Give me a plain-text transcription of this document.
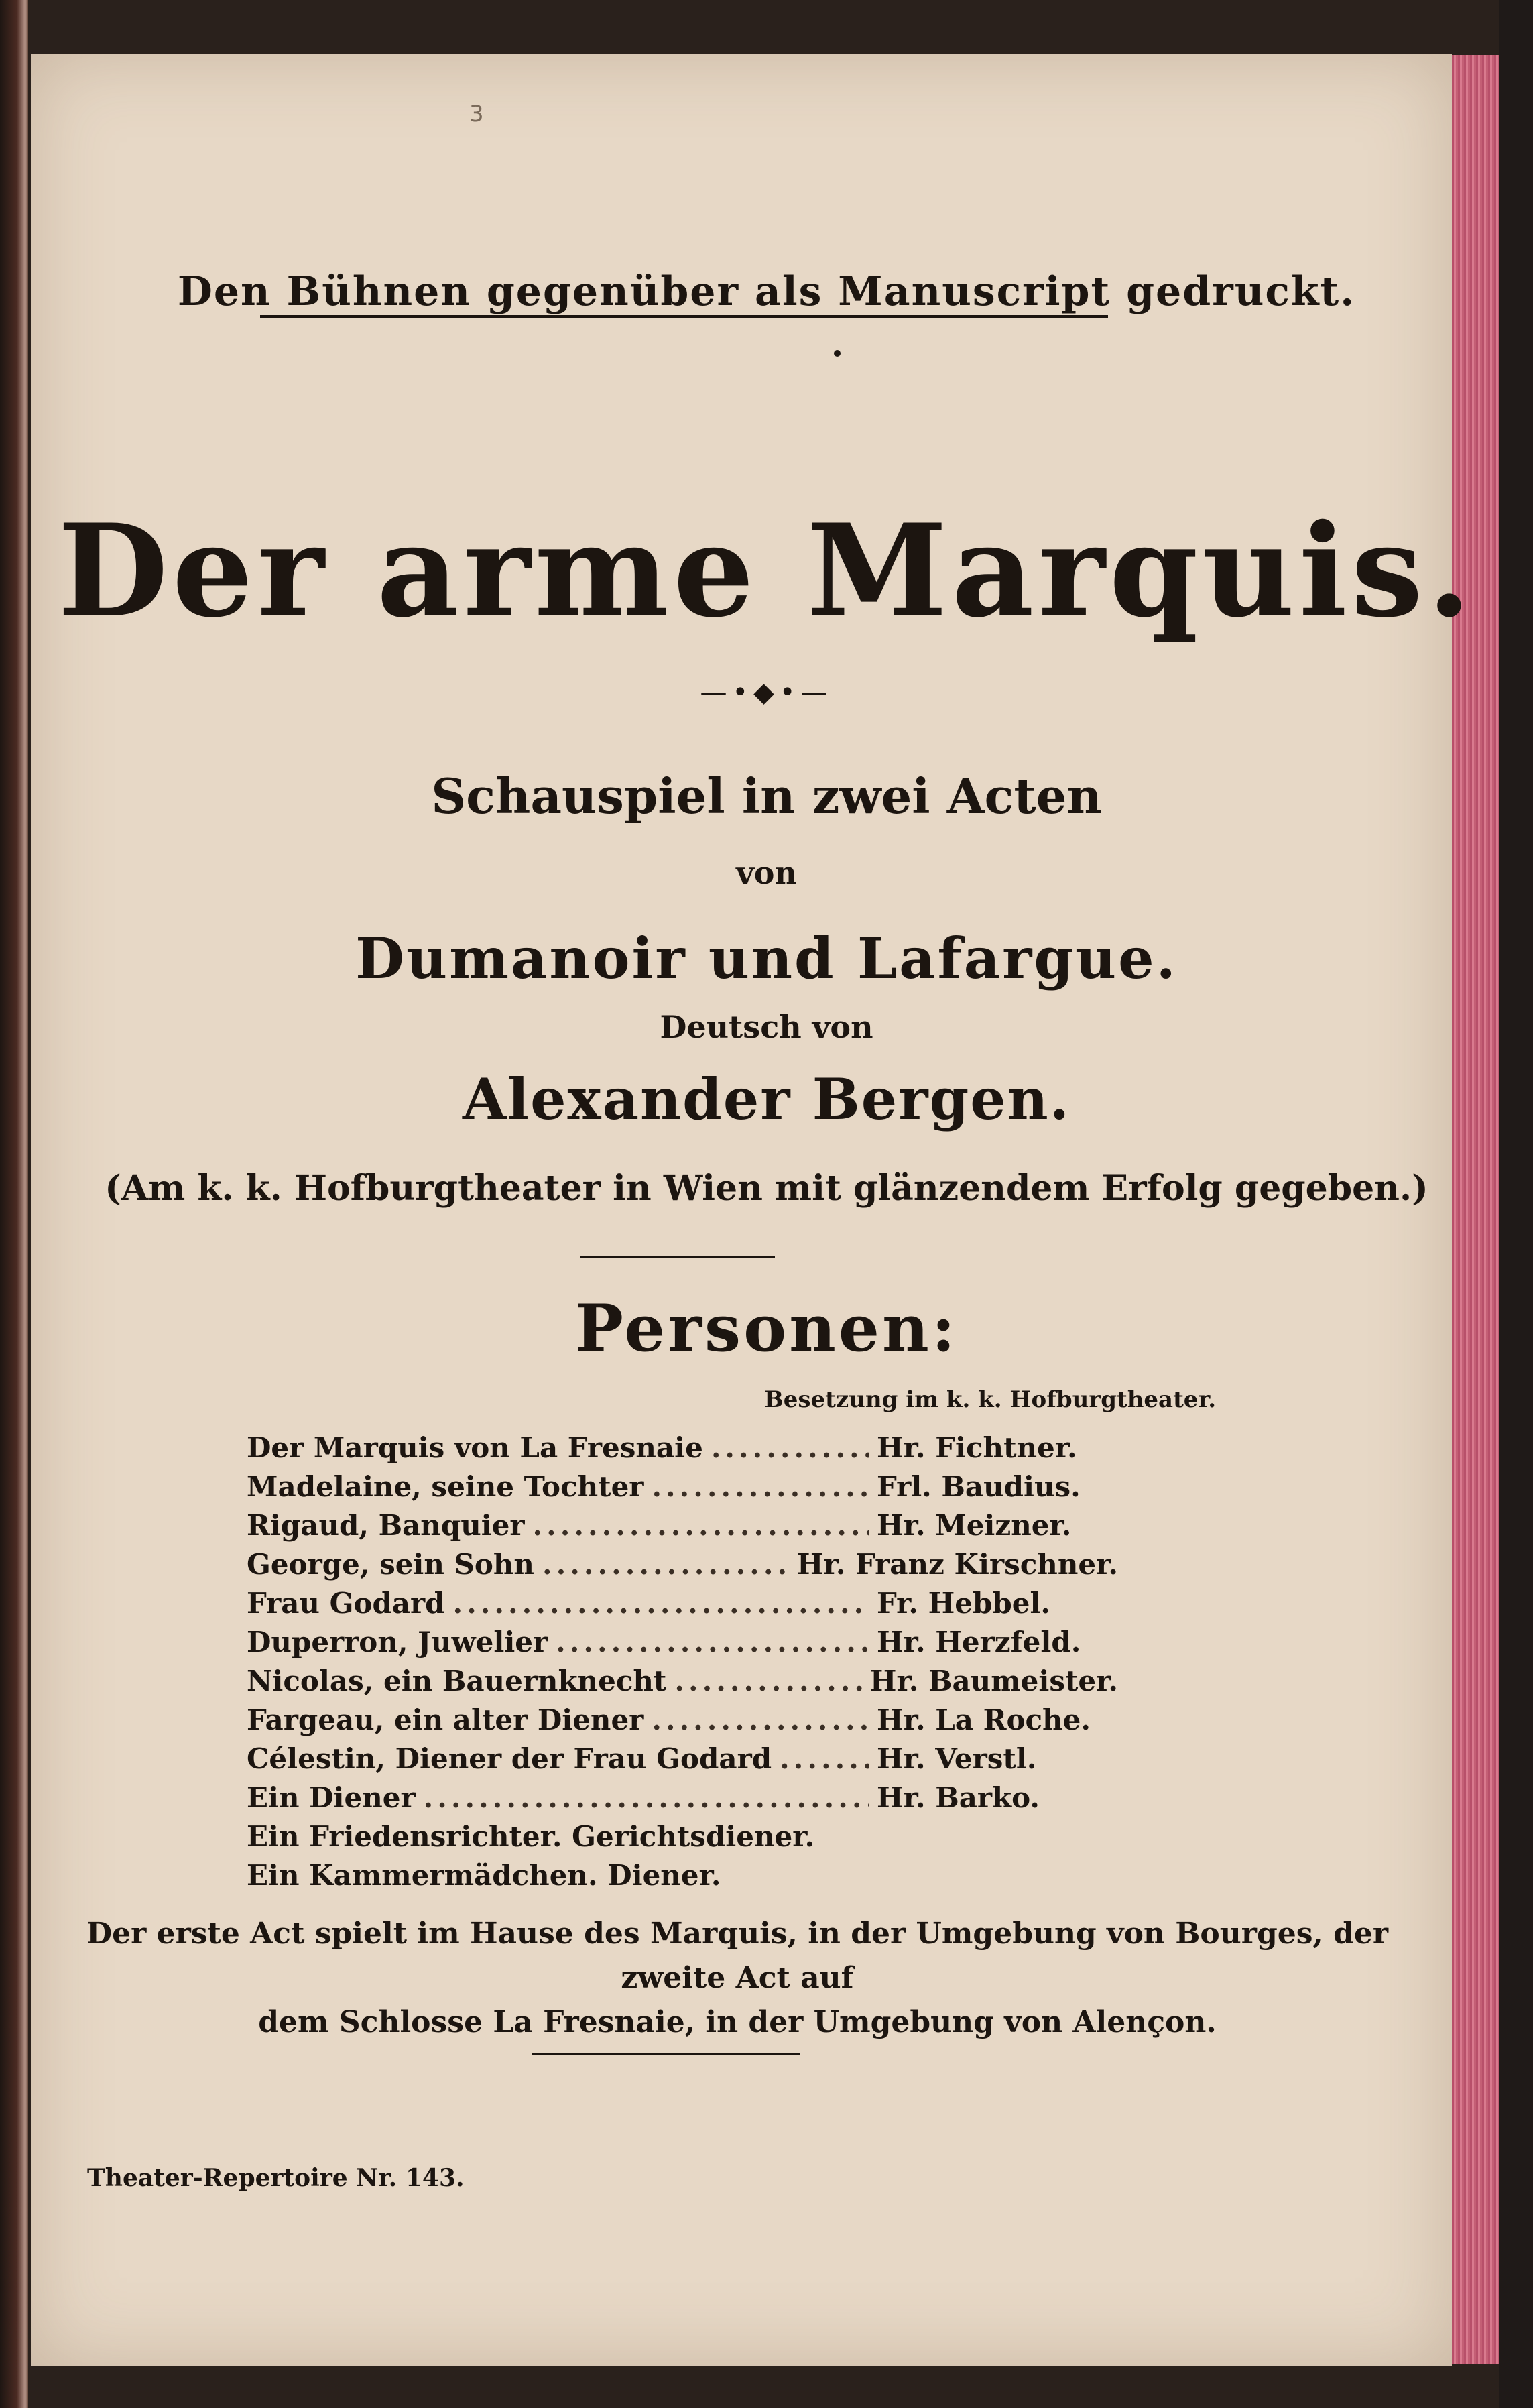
3
Den Bühnen gegenüber als Manuscript gedruckt.
Der arme Marquis.
—•◆•—
Schauspiel in zwei Acten
von
Dumanoir und Lafargue.
Deutsch von
Alexander Bergen.
(Am k. k. Hofburgtheater in Wien mit glänzendem Erfolg gegeben.)
Personen:
Besetzung im k. k. Hofburgtheater.
Der Marquis von La Fresnaie .....	Hr. Fichtner.
Madelaine, seine Tochter .....	Frl. Baudius.
Rigaud, Banquier .....	Hr. Meizner.
George, sein Sohn .....	Hr. Franz Kirschner.
Frau Godard .....	Fr. Hebbel.
Duperron, Juwelier .....	Hr. Herzfeld.
Nicolas, ein Bauernknecht .....	Hr. Baumeister.
Fargeau, ein alter Diener .....	Hr. La Roche.
Célestin, Diener der Frau Godard .....	Hr. Verstl.
Ein Diener .....	Hr. Barko.
Ein Friedensrichter. Gerichtsdiener.
Ein Kammermädchen. Diener.
Der erste Act spielt im Hause des Marquis, in der Umgebung von Bourges, der zweite Act auf
dem Schlosse La Fresnaie, in der Umgebung von Alençon.
Theater-Repertoire Nr. 143.
